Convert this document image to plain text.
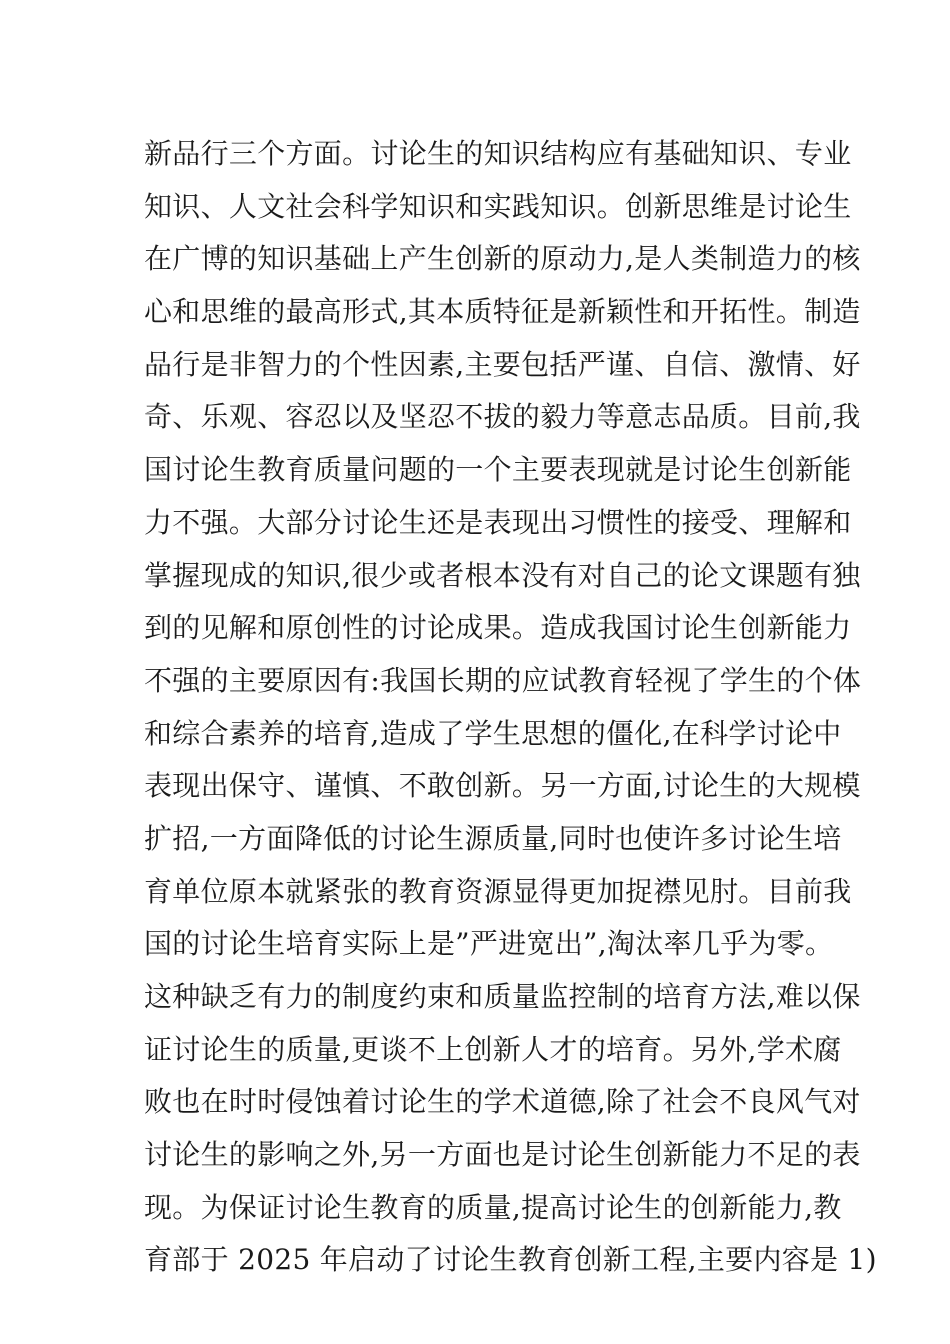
新品行三个方面。讨论生的知识结构应有基础知识、专业
知识、人文社会科学知识和实践知识。创新思维是讨论生
在广博的知识基础上产生创新的原动力,是人类制造力的核
心和思维的最高形式,其本质特征是新颖性和开拓性。制造
品行是非智力的个性因素,主要包括严谨、自信、激情、好
奇、乐观、容忍以及坚忍不拔的毅力等意志品质。目前,我
国讨论生教育质量问题的一个主要表现就是讨论生创新能
力不强。大部分讨论生还是表现出习惯性的接受、理解和
掌握现成的知识,很少或者根本没有对自己的论文课题有独
到的见解和原创性的讨论成果。造成我国讨论生创新能力
不强的主要原因有:我国长期的应试教育轻视了学生的个体
和综合素养的培育,造成了学生思想的僵化,在科学讨论中
表现出保守、谨慎、不敢创新。另一方面,讨论生的大规模
扩招,一方面降低的讨论生源质量,同时也使许多讨论生培
育单位原本就紧张的教育资源显得更加捉襟见肘。目前我
国的讨论生培育实际上是”严进宽出”,淘汰率几乎为零。
这种缺乏有力的制度约束和质量监控制的培育方法,难以保
证讨论生的质量,更谈不上创新人才的培育。另外,学术腐
败也在时时侵蚀着讨论生的学术道德,除了社会不良风气对
讨论生的影响之外,另一方面也是讨论生创新能力不足的表
现。为保证讨论生教育的质量,提高讨论生的创新能力,教
育部于 2025 年启动了讨论生教育创新工程,主要内容是 1)
